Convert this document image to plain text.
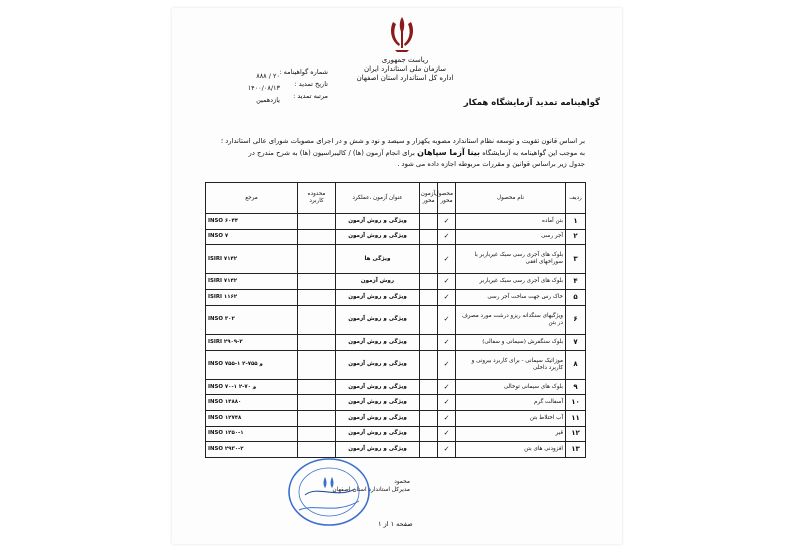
ریاست جمهوری
سازمان ملی استاندارد ایران
اداره کل استاندارد استان اصفهان
شماره گواهینامه :
تاریخ تمدید :
مرتبه تمدید :
۲۰ / ۸۸۸
۱۴۰۰/۰۸/۱۳
یازدهمین	گواهینامه تمدید آزمایشگاه همکار
بر اساس قانون تقویت و توسعه نظام استاندارد مصوبه یکهزار و سیصد و نود و شش و در اجرای مصوبات شورای عالی استاندارد ؛
به موجب این گواهینامه به آزمایشگاه بینا آزما سپاهان برای انجام آزمون (ها) / کالیبراسیون (ها) به شرح مندرج در
جدول زیر براساس قوانین و مقررات مربوطه اجازه داده می شود .
ردیف	نام محصول	محصول محور	آزمون محور	عنوان آزمون ،عملکرد	محدوده کاربرد	مرجع
۱	بتن آماده	✓		ویژگی و روش آزمون		INSO ۶۰۴۴
۲	آجر رسی	✓		ویژگی و روش آزمون		INSO ۷
۳	بلوک های آجری رسی سبک غیرباربر با سوراخهای افقی	✓		ویژگی ها		ISIRI ۷۱۴۲
۴	بلوک های آجری رسی سبک غیرباربر	✓		روش آزمون		ISIRI ۷۱۴۲
۵	خاک رس جهت ساخت آجر رسی	✓		ویژگی و روش آزمون		ISIRI ۱۱۶۲
۶	ویژگیهای سنگدانه ریزو درشت مورد مصرف در بتن	✓		ویژگی و روش آزمون		INSO ۳۰۲
۷	بلوک سنگفرش (سیمانی و سفالی)	✓		ویژگی و روش آزمون		ISIRI ۲۹۰۹-۲
۸	موزائیک سیمانی - برای کاربرد بیرونی و کاربرد داخلی	✓		ویژگی و روش آزمون		INSO ۷۵۵-۱ و ۷۵۵-۲
۹	بلوک های سیمانی توخالی	✓		ویژگی و روش آزمون		INSO ۷۰-۱ و ۷۰-۲
۱۰	آسفالت گرم	✓		ویژگی و روش آزمون		INSO ۱۴۸۸۰
۱۱	آب اختلاط بتن	✓		ویژگی و روش آزمون		INSO ۱۲۷۴۸
۱۲	قیر	✓		ویژگی و روش آزمون		INSO ۱۲۵۰-۱
۱۳	افزودنی های بتن	✓		ویژگی و روش آزمون		INSO ۲۹۳۰-۲
محمود
مدیرکل استاندارد استان اصفهان
صفحه ۱ از ۱
